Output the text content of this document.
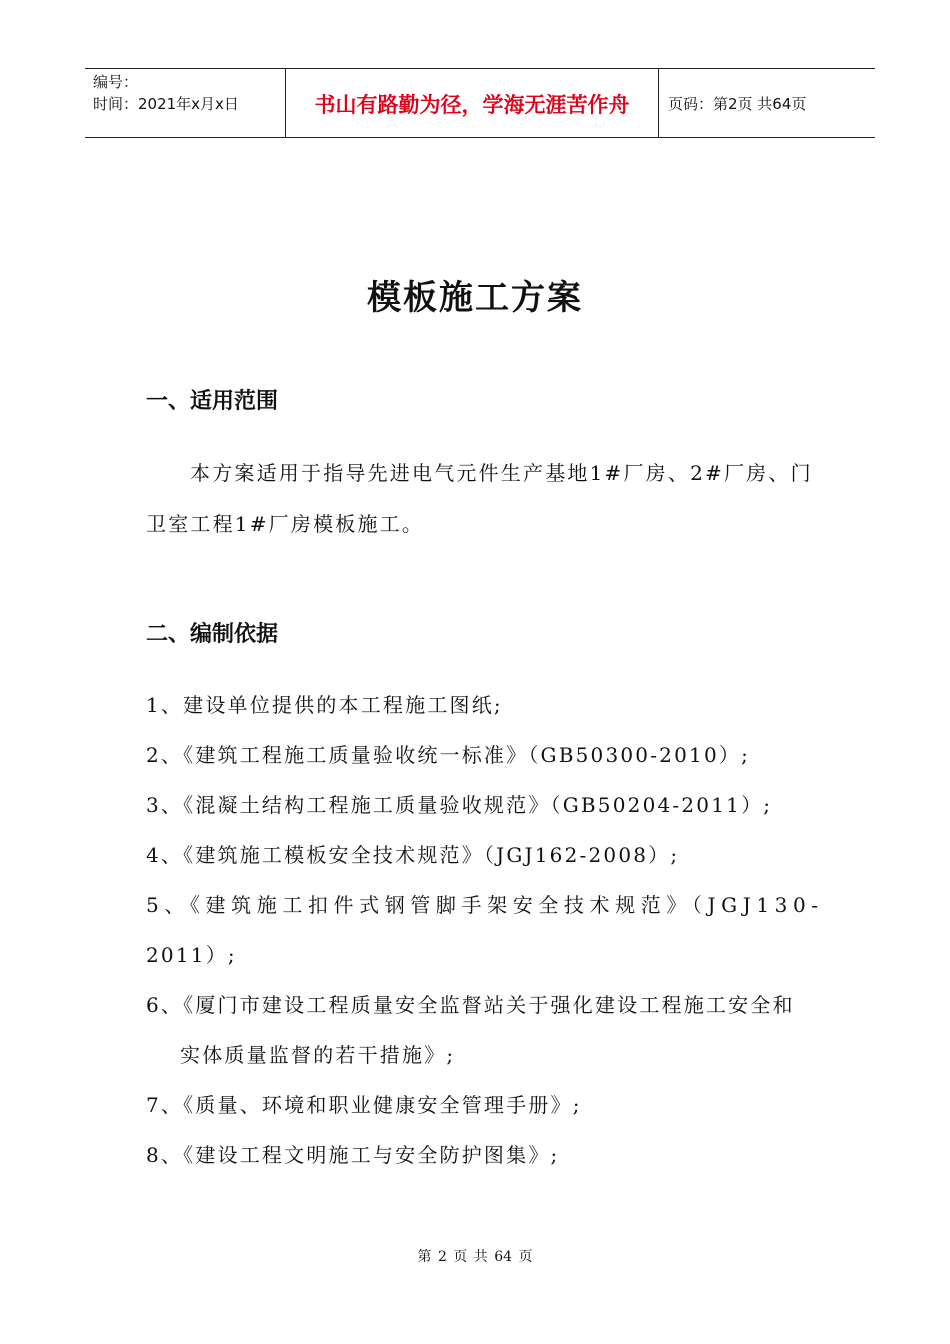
编号：
时间：2021年x月x日	书山有路勤为径，学海无涯苦作舟	页码：第2页 共64页
模板施工方案
一、适用范围
本方案适用于指导先进电气元件生产基地1#厂房、2#厂房、门
卫室工程1#厂房模板施工。
二、编制依据
1、建设单位提供的本工程施工图纸;
2、《建筑工程施工质量验收统一标准》（GB50300-2010）;
3、《混凝土结构工程施工质量验收规范》（GB50204-2011）;
4、《建筑施工模板安全技术规范》（JGJ162-2008）;
5、《建筑施工扣件式钢管脚手架安全技术规范》（JGJ130-
2011）;
6、《厦门市建设工程质量安全监督站关于强化建设工程施工安全和
实体质量监督的若干措施》;
7、《质量、环境和职业健康安全管理手册》;
8、《建设工程文明施工与安全防护图集》;
第 2 页 共 64 页
